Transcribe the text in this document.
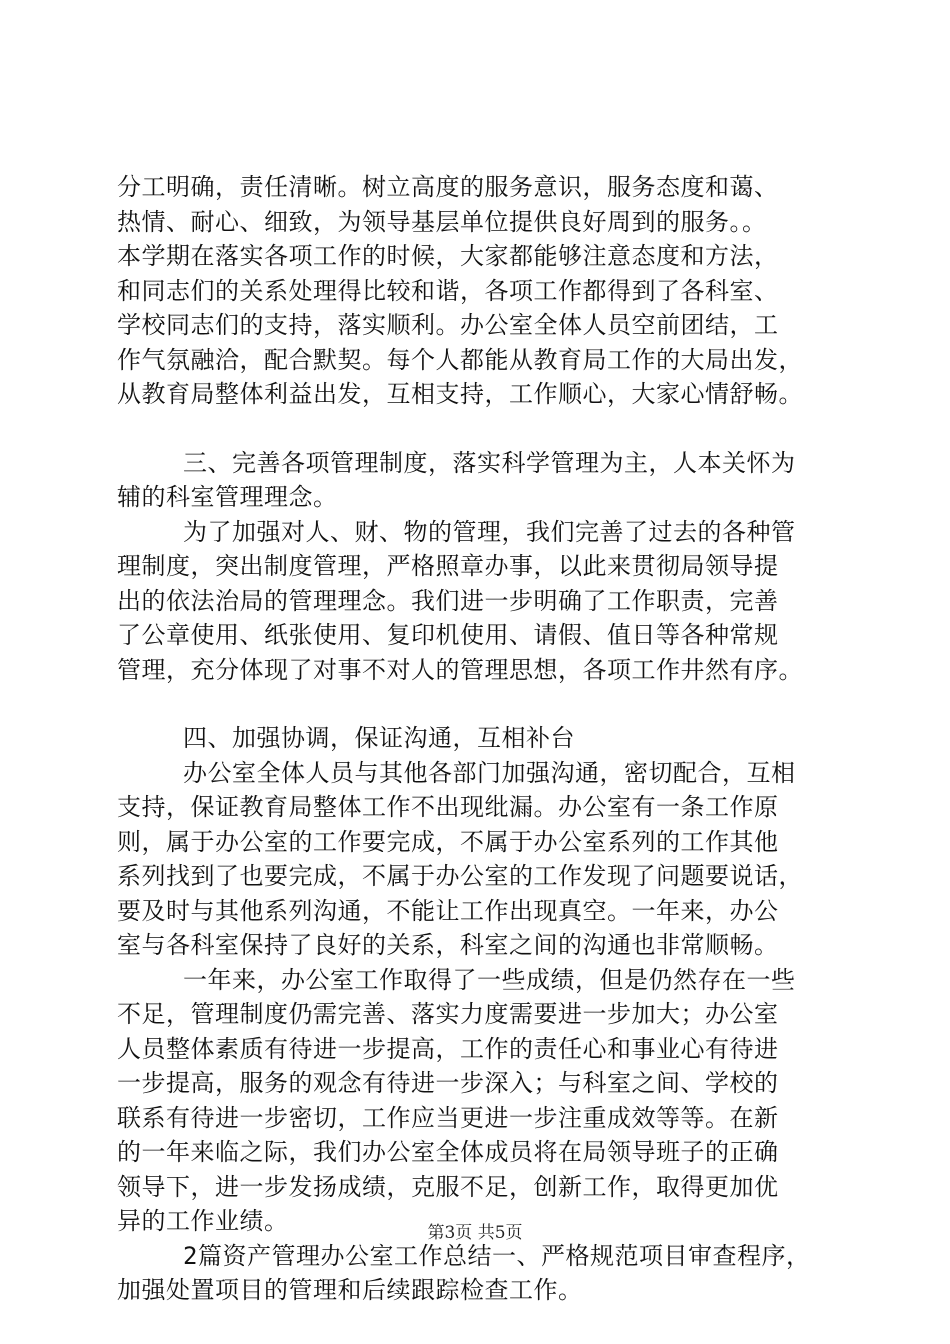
分工明确，责任清晰。树立高度的服务意识，服务态度和蔼、
热情、耐心、细致，为领导基层单位提供良好周到的服务。。
本学期在落实各项工作的时候，大家都能够注意态度和方法，
和同志们的关系处理得比较和谐，各项工作都得到了各科室、
学校同志们的支持，落实顺利。办公室全体人员空前团结，工
作气氛融洽，配合默契。每个人都能从教育局工作的大局出发，
从教育局整体利益出发，互相支持，工作顺心，大家心情舒畅。
三、完善各项管理制度，落实科学管理为主，人本关怀为
辅的科室管理理念。
为了加强对人、财、物的管理，我们完善了过去的各种管
理制度，突出制度管理，严格照章办事，以此来贯彻局领导提
出的依法治局的管理理念。我们进一步明确了工作职责，完善
了公章使用、纸张使用、复印机使用、请假、值日等各种常规
管理，充分体现了对事不对人的管理思想，各项工作井然有序。
四、加强协调，保证沟通，互相补台
办公室全体人员与其他各部门加强沟通，密切配合，互相
支持，保证教育局整体工作不出现纰漏。办公室有一条工作原
则，属于办公室的工作要完成，不属于办公室系列的工作其他
系列找到了也要完成，不属于办公室的工作发现了问题要说话，
要及时与其他系列沟通，不能让工作出现真空。一年来，办公
室与各科室保持了良好的关系，科室之间的沟通也非常顺畅。
一年来，办公室工作取得了一些成绩，但是仍然存在一些
不足，管理制度仍需完善、落实力度需要进一步加大；办公室
人员整体素质有待进一步提高，工作的责任心和事业心有待进
一步提高，服务的观念有待进一步深入；与科室之间、学校的
联系有待进一步密切，工作应当更进一步注重成效等等。在新
的一年来临之际，我们办公室全体成员将在局领导班子的正确
领导下，进一步发扬成绩，克服不足，创新工作，取得更加优
异的工作业绩。
2篇资产管理办公室工作总结一、严格规范项目审查程序，
加强处置项目的管理和后续跟踪检查工作。
第3页 共5页
